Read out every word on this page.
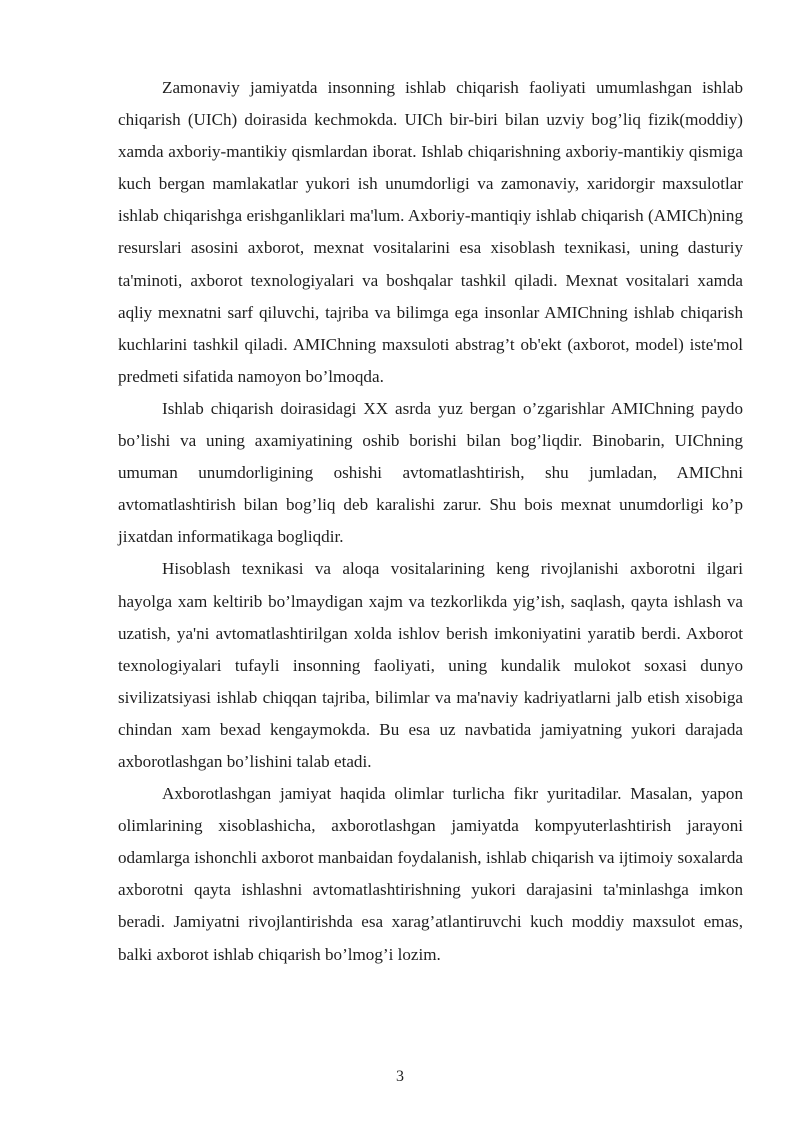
Zamonaviy jamiyatda insonning ishlab chiqarish faoliyati umumlashgan ishlab chiqarish (UICh) doirasida kechmokda. UICh bir-biri bilan uzviy bog’liq fizik(moddiy) xamda axboriy-mantikiy qismlardan iborat. Ishlab chiqarishning axboriy-mantikiy qismiga kuch bergan mamlakatlar yukori ish unumdorligi va zamonaviy, xaridorgir maxsulotlar ishlab chiqarishga erishganliklari ma'lum. Axboriy-mantiqiy ishlab chiqarish (AMICh)ning resurslari asosini axborot, mexnat vositalarini esa xisoblash texnikasi, uning dasturiy ta'minoti, axborot texnologiyalari va boshqalar tashkil qiladi. Mexnat vositalari xamda aqliy mexnatni sarf qiluvchi, tajriba va bilimga ega insonlar AMIChning ishlab chiqarish kuchlarini tashkil qiladi. AMIChning maxsuloti abstrag’t ob'ekt (axborot, model) iste'mol predmeti sifatida namoyon bo’lmoqda.

Ishlab chiqarish doirasidagi XX asrda yuz bergan o’zgarishlar AMIChning paydo bo’lishi va uning axamiyatining oshib borishi bilan bog’liqdir. Binobarin, UIChning umuman unumdorligining oshishi avtomatlashtirish, shu jumladan, AMIChni avtomatlashtirish bilan bog’liq deb karalishi zarur. Shu bois mexnat unumdorligi ko’p jixatdan informatikaga bogliqdir.

Hisoblash texnikasi va aloqa vositalarining keng rivojlanishi axborotni ilgari hayolga xam keltirib bo’lmaydigan xajm va tezkorlikda yig’ish, saqlash, qayta ishlash va uzatish, ya'ni avtomatlashtirilgan xolda ishlov berish imkoniyatini yaratib berdi. Axborot texnologiyalari tufayli insonning faoliyati, uning kundalik mulokot soxasi dunyo sivilizatsiyasi ishlab chiqqan tajriba, bilimlar va ma'naviy kadriyatlarni jalb etish xisobiga chindan xam bexad kengaymokda. Bu esa uz navbatida jamiyatning yukori darajada axborotlashgan bo’lishini talab etadi.

Axborotlashgan jamiyat haqida olimlar turlicha fikr yuritadilar. Masalan, yapon olimlarining xisoblashicha, axborotlashgan jamiyatda kompyuterlashtirish jarayoni odamlarga ishonchli axborot manbaidan foydalanish, ishlab chiqarish va ijtimoiy soxalarda axborotni qayta ishlashni avtomatlashtirishning yukori darajasini ta'minlashga imkon beradi. Jamiyatni rivojlantirishda esa xarag’atlantiruvchi kuch moddiy maxsulot emas, balki axborot ishlab chiqarish bo’lmog’i lozim.

3
